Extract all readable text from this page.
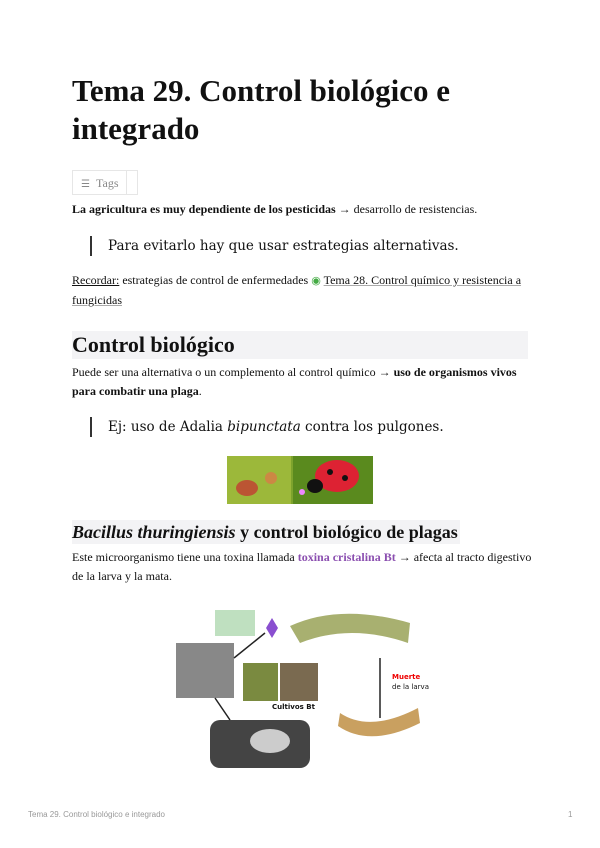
Tema 29. Control biológico e integrado
☰ Tags
La agricultura es muy dependiente de los pesticidas → desarrollo de resistencias.
Para evitarlo hay que usar estrategias alternativas.
Recordar: estrategias de control de enfermedades ◉ Tema 28. Control químico y resistencia a fungicidas
Control biológico
Puede ser una alternativa o un complemento al control químico → uso de organismos vivos para combatir una plaga.
Ej: uso de Adalia bipunctata contra los pulgones.
Bacillus thuringiensis y control biológico de plagas
Este microorganismo tiene una toxina llamada toxina cristalina Bt → afecta al tracto digestivo de la larva y la mata.
Cultivos Bt
Muerte
de la larva
Tema 29. Control biológico e integrado	1
